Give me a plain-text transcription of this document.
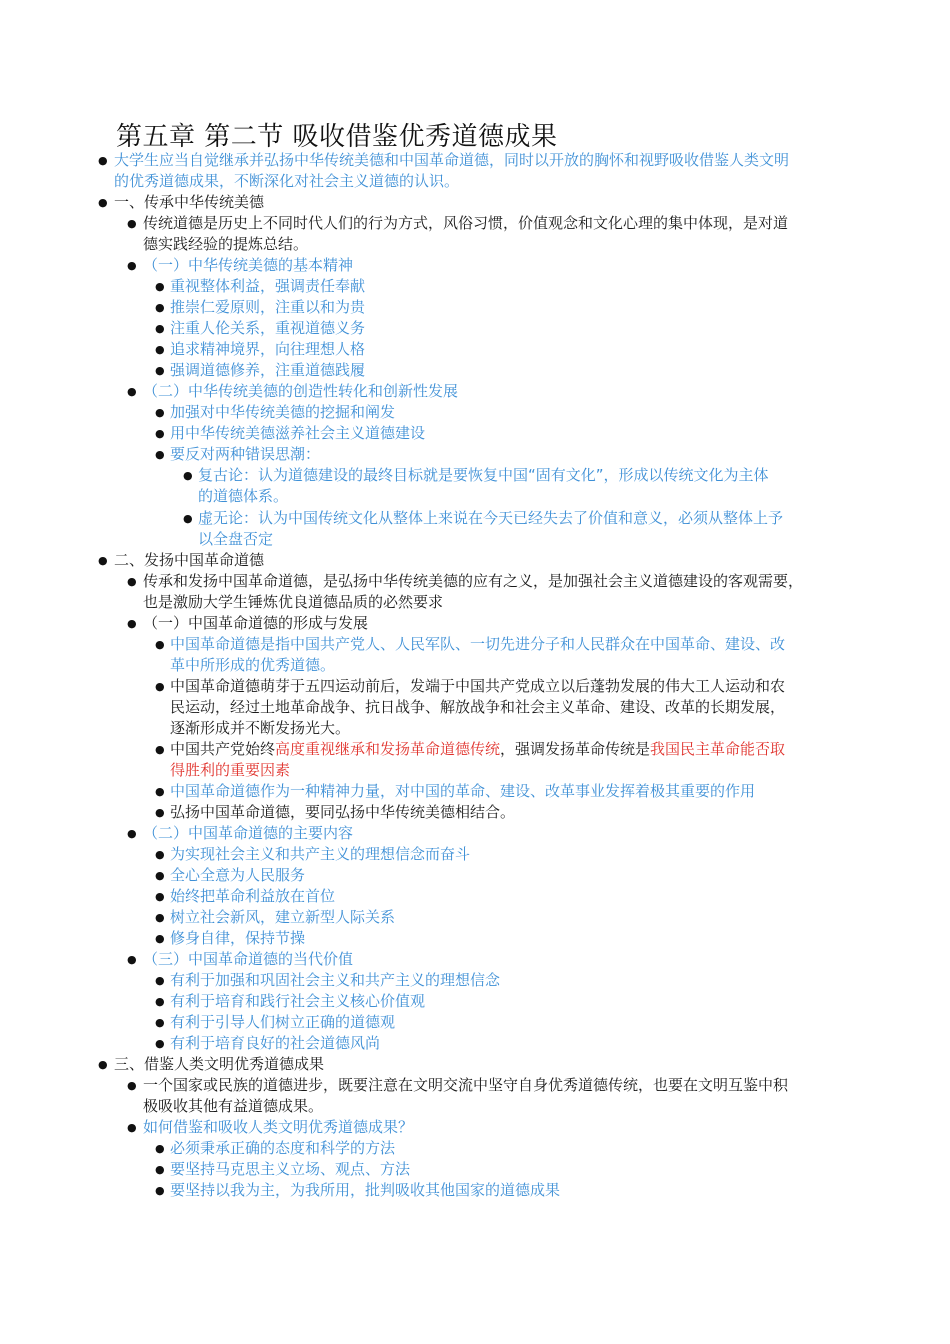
第五章 第二节 吸收借鉴优秀道德成果
● 大学生应当自觉继承并弘扬中华传统美德和中国革命道德，同时以开放的胸怀和视野吸收借鉴人类文明
的优秀道德成果，不断深化对社会主义道德的认识。
● 一、传承中华传统美德
● 传统道德是历史上不同时代人们的行为方式，风俗习惯，价值观念和文化心理的集中体现，是对道
德实践经验的提炼总结。
● （一）中华传统美德的基本精神
● 重视整体利益，强调责任奉献
● 推崇仁爱原则，注重以和为贵
● 注重人伦关系，重视道德义务
● 追求精神境界，向往理想人格
● 强调道德修养，注重道德践履
● （二）中华传统美德的创造性转化和创新性发展
● 加强对中华传统美德的挖掘和阐发
● 用中华传统美德滋养社会主义道德建设
● 要反对两种错误思潮：
● 复古论：认为道德建设的最终目标就是要恢复中国“固有文化”，形成以传统文化为主体
的道德体系。
● 虚无论：认为中国传统文化从整体上来说在今天已经失去了价值和意义，必须从整体上予
以全盘否定
● 二、发扬中国革命道德
● 传承和发扬中国革命道德，是弘扬中华传统美德的应有之义，是加强社会主义道德建设的客观需要，
也是激励大学生锤炼优良道德品质的必然要求
● （一）中国革命道德的形成与发展
● 中国革命道德是指中国共产党人、人民军队、一切先进分子和人民群众在中国革命、建设、改
革中所形成的优秀道德。
● 中国革命道德萌芽于五四运动前后，发端于中国共产党成立以后蓬勃发展的伟大工人运动和农
民运动，经过土地革命战争、抗日战争、解放战争和社会主义革命、建设、改革的长期发展，
逐渐形成并不断发扬光大。
● 中国共产党始终高度重视继承和发扬革命道德传统，强调发扬革命传统是我国民主革命能否取
得胜利的重要因素
● 中国革命道德作为一种精神力量，对中国的革命、建设、改革事业发挥着极其重要的作用
● 弘扬中国革命道德，要同弘扬中华传统美德相结合。
● （二）中国革命道德的主要内容
● 为实现社会主义和共产主义的理想信念而奋斗
● 全心全意为人民服务
● 始终把革命利益放在首位
● 树立社会新风，建立新型人际关系
● 修身自律，保持节操
● （三）中国革命道德的当代价值
● 有利于加强和巩固社会主义和共产主义的理想信念
● 有利于培育和践行社会主义核心价值观
● 有利于引导人们树立正确的道德观
● 有利于培育良好的社会道德风尚
● 三、借鉴人类文明优秀道德成果
● 一个国家或民族的道德进步，既要注意在文明交流中坚守自身优秀道德传统，也要在文明互鉴中积
极吸收其他有益道德成果。
● 如何借鉴和吸收人类文明优秀道德成果？
● 必须秉承正确的态度和科学的方法
● 要坚持马克思主义立场、观点、方法
● 要坚持以我为主，为我所用，批判吸收其他国家的道德成果
